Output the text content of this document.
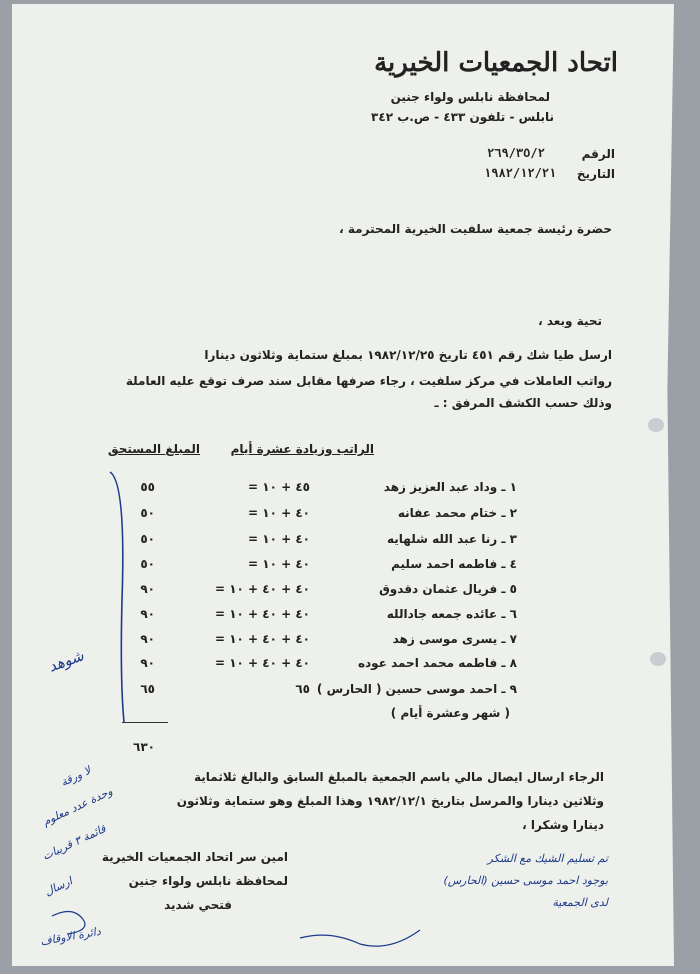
اتحاد الجمعيات الخيرية
لمحافظة نابلس ولواء جنين
نابلس - تلفون ٤٣٣ - ص.ب ٣٤٢
الرقم
٢٦٩/٣٥/٢
التاريخ
١٩٨٢/١٢/٢١
حضرة رئيسة جمعية سلفيت الخيرية المحترمة ،
تحية وبعد ،
ارسل طيا شك رقم ٤٥١ تاريخ ١٩٨٢/١٢/٢٥ بمبلغ ستماية وثلاثون دينارا
رواتب العاملات في مركز سلفيت ، رجاء صرفها مقابل سند صرف توقع عليه العاملة
وذلك حسب الكشف المرفق : ـ
الراتب وزيادة عشرة أيام
المبلغ المستحق
١ ـ وداد عبد العزيز زهد
٤٥ + ١٠ =
٥٥
٢ ـ ختام محمد عفانه
٤٠ + ١٠ =
٥٠
٣ ـ رنا عبد الله شلهايه
٤٠ + ١٠ =
٥٠
٤ ـ فاطمه احمد سليم
٤٠ + ١٠ =
٥٠
٥ ـ فريال عثمان دقدوق
٤٠ + ٤٠ + ١٠ =
٩٠
٦ ـ عائده جمعه جادالله
٤٠ + ٤٠ + ١٠ =
٩٠
٧ ـ يسرى موسى زهد
٤٠ + ٤٠ + ١٠ =
٩٠
٨ ـ فاطمه محمد احمد عوده
٤٠ + ٤٠ + ١٠ =
٩٠
٩ ـ احمد موسى حسين ( الحارس )
٦٥
٦٥
( شهر وعشرة أيام )
٦٣٠
الرجاء ارسال ايصال مالي باسم الجمعية بالمبلغ السابق والبالغ ثلاثماية
وثلاثين دينارا والمرسل بتاريخ ١٩٨٢/١٢/١ وهذا المبلغ وهو ستماية وثلاثون
دينارا وشكرا ،
امين سر اتحاد الجمعيات الخيرية
لمحافظة نابلس ولواء جنين
فتحي شديد
شوهد
تم تسليم الشيك مع الشكر
بوجود احمد موسى حسين (الحارس)
لدى الجمعية
لا ورقة
وحدة عدد معلوم
قائمة ٣ قريبات
ارسال
دائرة الاوقاف
